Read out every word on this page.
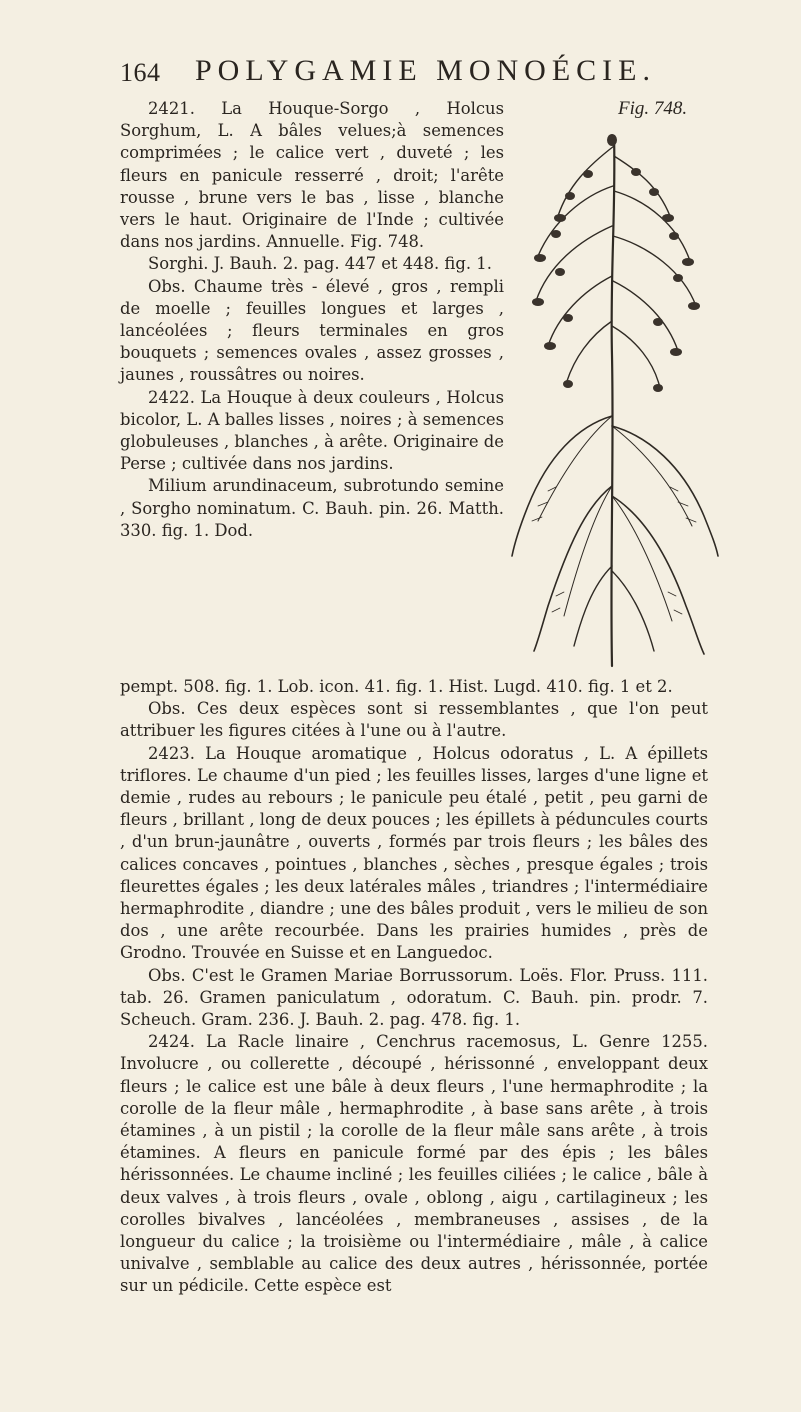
164 POLYGAMIE MONOÉCIE.
Fig. 748.

2421. La Houque-Sorgo , Holcus Sorghum, L. A bâles velues;à semences comprimées ; le calice vert , duveté ; les fleurs en panicule resserré , droit; l'arête rousse , brune vers le bas , lisse , blanche vers le haut. Originaire de l'Inde ; cultivée dans nos jardins. Annuelle. Fig. 748.

Sorghi. J. Bauh. 2. pag. 447 et 448. fig. 1.

Obs. Chaume très - élevé , gros , rempli de moelle ; feuilles longues et larges , lancéolées ; fleurs terminales en gros bouquets ; semences ovales , assez grosses , jaunes , roussâtres ou noires.

2422. La Houque à deux couleurs , Holcus bicolor, L. A balles lisses , noires ; à semences globuleuses , blanches , à arête. Originaire de Perse ; cultivée dans nos jardins.

Milium arundinaceum, subrotundo semine , Sorgho nominatum. C. Bauh. pin. 26. Matth. 330. fig. 1. Dod.

pempt. 508. fig. 1. Lob. icon. 41. fig. 1. Hist. Lugd. 410. fig. 1 et 2.

Obs. Ces deux espèces sont si ressemblantes , que l'on peut attribuer les figures citées à l'une ou à l'autre.

2423. La Houque aromatique , Holcus odoratus , L. A épillets triflores. Le chaume d'un pied ; les feuilles lisses, larges d'une ligne et demie , rudes au rebours ; le panicule peu étalé , petit , peu garni de fleurs , brillant , long de deux pouces ; les épillets à péduncules courts , d'un brun-jaunâtre , ouverts , formés par trois fleurs ; les bâles des calices concaves , pointues , blanches , sèches , presque égales ; trois fleurettes égales ; les deux latérales mâles , triandres ; l'intermédiaire hermaphrodite , diandre ; une des bâles produit , vers le milieu de son dos , une arête recourbée. Dans les prairies humides , près de Grodno. Trouvée en Suisse et en Languedoc.

Obs. C'est le Gramen Mariae Borrussorum. Loës. Flor. Pruss. 111. tab. 26. Gramen paniculatum , odoratum. C. Bauh. pin. prodr. 7. Scheuch. Gram. 236. J. Bauh. 2. pag. 478. fig. 1.

2424. La Racle linaire , Cenchrus racemosus, L. Genre 1255. Involucre , ou collerette , découpé , hérissonné , enveloppant deux fleurs ; le calice est une bâle à deux fleurs , l'une hermaphrodite ; la corolle de la fleur mâle , hermaphrodite , à base sans arête , à trois étamines , à un pistil ; la corolle de la fleur mâle sans arête , à trois étamines. A fleurs en panicule formé par des épis ; les bâles hérissonnées. Le chaume incliné ; les feuilles ciliées ; le calice , bâle à deux valves , à trois fleurs , ovale , oblong , aigu , cartilagineux ; les corolles bivalves , lancéolées , membraneuses , assises , de la longueur du calice ; la troisième ou l'intermédiaire , mâle , à calice univalve , semblable au calice des deux autres , hérissonnée, portée sur un pédicile. Cette espèce est
